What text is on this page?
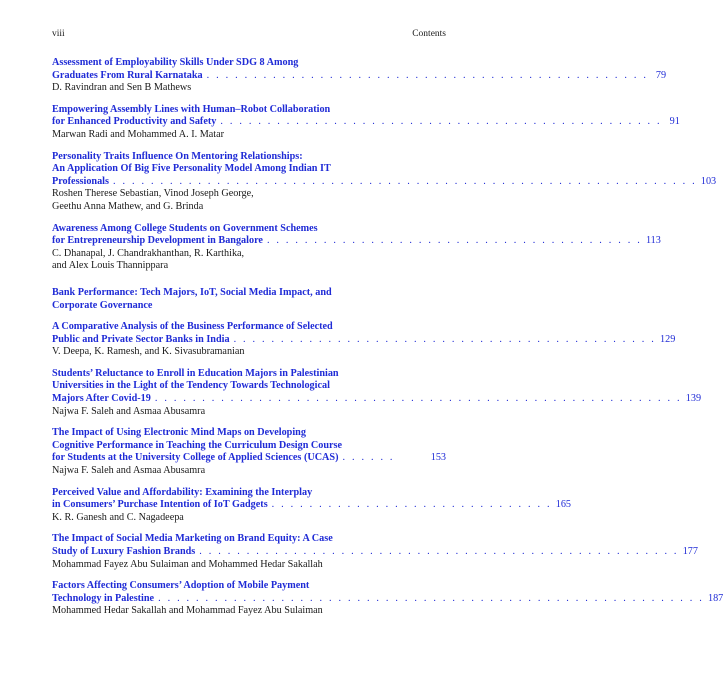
viii	Contents
Assessment of Employability Skills Under SDG 8 Among
Graduates From Rural Karnataka . . . . . . . . . . . . . . . . . . . . . . . . . . . . . . . . . . . . . . . . . . . . . . . 79
D. Ravindran and Sen B Mathews
Empowering Assembly Lines with Human–Robot Collaboration
for Enhanced Productivity and Safety . . . . . . . . . . . . . . . . . . . . . . . . . . . . . . . . . . . . . . . . . . . . . . . 91
Marwan Radi and Mohammed A. I. Matar
Personality Traits Influence On Mentoring Relationships:
An Application Of Big Five Personality Model Among Indian IT
Professionals . . . . . . . . . . . . . . . . . . . . . . . . . . . . . . . . . . . . . . . . . . . . . . . . . . . . . . . . . . . . . . 103
Roshen Therese Sebastian, Vinod Joseph George,
Geethu Anna Mathew, and G. Brinda
Awareness Among College Students on Government Schemes
for Entrepreneurship Development in Bangalore . . . . . . . . . . . . . . . . . . . . . . . . . . . . . . . . . . . . . . . . 113
C. Dhanapal, J. Chandrakhanthan, R. Karthika,
and Alex Louis Thannippara
Bank Performance: Tech Majors, IoT, Social Media Impact, and
Corporate Governance
A Comparative Analysis of the Business Performance of Selected
Public and Private Sector Banks in India . . . . . . . . . . . . . . . . . . . . . . . . . . . . . . . . . . . . . . . . . . . . . 129
V. Deepa, K. Ramesh, and K. Sivasubramanian
Students’ Reluctance to Enroll in Education Majors in Palestinian
Universities in the Light of the Tendency Towards Technological
Majors After Covid-19 . . . . . . . . . . . . . . . . . . . . . . . . . . . . . . . . . . . . . . . . . . . . . . . . . . . . . . . . 139
Najwa F. Saleh and Asmaa Abusamra
The Impact of Using Electronic Mind Maps on Developing
Cognitive Performance in Teaching the Curriculum Design Course
for Students at the University College of Applied Sciences (UCAS) . . . . . .	153
Najwa F. Saleh and Asmaa Abusamra
Perceived Value and Affordability: Examining the Interplay
in Consumers’ Purchase Intention of IoT Gadgets . . . . . . . . . . . . . . . . . . . . . . . . . . . . . . 165
K. R. Ganesh and C. Nagadeepa
The Impact of Social Media Marketing on Brand Equity: A Case
Study of Luxury Fashion Brands . . . . . . . . . . . . . . . . . . . . . . . . . . . . . . . . . . . . . . . . . . . . . . . . . . . 177
Mohammad Fayez Abu Sulaiman and Mohammed Hedar Sakallah
Factors Affecting Consumers’ Adoption of Mobile Payment
Technology in Palestine . . . . . . . . . . . . . . . . . . . . . . . . . . . . . . . . . . . . . . . . . . . . . . . . . . . . . . . . . . 187
Mohammed Hedar Sakallah and Mohammad Fayez Abu Sulaiman
